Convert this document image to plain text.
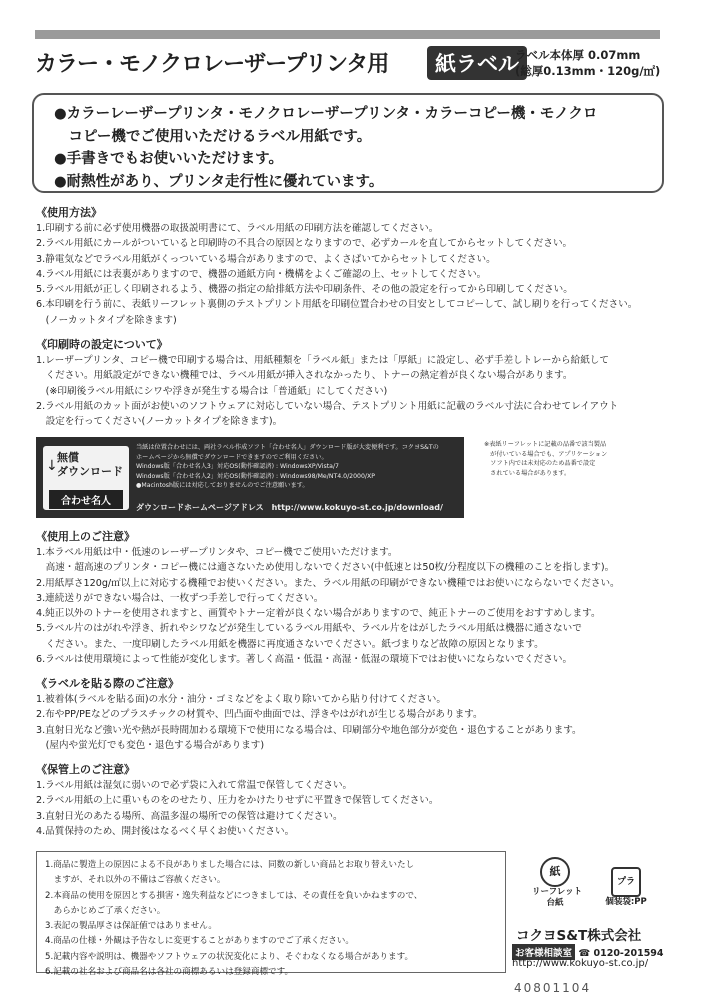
カラー・モノクロレーザープリンタ用	紙ラベル
ラベル本体厚 0.07mm
(総厚0.13mm・120g/㎡)
●カラーレーザープリンタ・モノクロレーザープリンタ・カラーコピー機・モノクロ
　コピー機でご使用いただけるラベル用紙です。
●手書きでもお使いいただけます。
●耐熱性があり、プリンタ走行性に優れています。
《使用方法》
1.印刷する前に必ず使用機器の取扱説明書にて、ラベル用紙の印刷方法を確認してください。
2.ラベル用紙にカールがついていると印刷時の不具合の原因となりますので、必ずカールを直してからセットしてください。
3.静電気などでラベル用紙がくっついている場合がありますので、よくさばいてからセットしてください。
4.ラベル用紙には表裏がありますので、機器の通紙方向・機構をよくご確認の上、セットしてください。
5.ラベル用紙が正しく印刷されるよう、機器の指定の給排紙方法や印刷条件、その他の設定を行ってから印刷してください。
6.本印刷を行う前に、表紙リーフレット裏側のテストプリント用紙を印刷位置合わせの目安としてコピーして、試し刷りを行ってください。
　(ノーカットタイプを除きます)
《印刷時の設定について》
1.レーザープリンタ、コピー機で印刷する場合は、用紙種類を「ラベル紙」または「厚紙」に設定し、必ず手差しトレーから給紙して
　ください。用紙設定ができない機種では、ラベル用紙が挿入されなかったり、トナーの熱定着が良くない場合があります。
　(※印刷後ラベル用紙にシワや浮きが発生する場合は「普通紙」にしてください)
2.ラベル用紙のカット面がお使いのソフトウェアに対応していない場合、テストプリント用紙に記載のラベル寸法に合わせてレイアウト
　設定を行ってください(ノーカットタイプを除きます)。
↓
無償
ダウンロード
合わせ名人
当紙は位置合わせには、両社ラベル作成ソフト「合わせ名人」ダウンロード版が大変便利です。コクヨS&Tの
ホームページから無償でダウンロードできますのでご利用ください。
Windows版「合わせ名人3」対応OS(動作確認済) : WindowsXP/Vista/7
Windows版「合わせ名人2」対応OS(動作確認済) : Windows98/Me/NT4.0/2000/XP
●Macintosh版には対応しておりませんのでご注意願います。
ダウンロードホームページアドレス　http://www.kokuyo-st.co.jp/download/
※表紙リーフレットに記載の品番で該当製品
　が付いている場合でも、アプリケーション
　ソフト内では未対応のため品番で設定
　されている場合があります。
《使用上のご注意》
1.本ラベル用紙は中・低速のレーザープリンタや、コピー機でご使用いただけます。
　高速・超高速のプリンタ・コピー機には適さないため使用しないでください(中低速とは50枚/分程度以下の機種のことを指します)。
2.用紙厚さ120g/㎡以上に対応する機種でお使いください。また、ラベル用紙の印刷ができない機種ではお使いにならないでください。
3.連続送りができない場合は、一枚ずつ手差しで行ってください。
4.純正以外のトナーを使用されますと、画質やトナー定着が良くない場合がありますので、純正トナーのご使用をおすすめします。
5.ラベル片のはがれや浮き、折れやシワなどが発生しているラベル用紙や、ラベル片をはがしたラベル用紙は機器に通さないで
　ください。また、一度印刷したラベル用紙を機器に再度通さないでください。紙づまりなど故障の原因となります。
6.ラベルは使用環境によって性能が変化します。著しく高温・低温・高湿・低湿の環境下ではお使いにならないでください。
《ラベルを貼る際のご注意》
1.被着体(ラベルを貼る面)の水分・油分・ゴミなどをよく取り除いてから貼り付けてください。
2.布やPP/PEなどのプラスチックの材質や、凹凸面や曲面では、浮きやはがれが生じる場合があります。
3.直射日光など強い光や熱が長時間加わる環境下で使用になる場合は、印刷部分や地色部分が変色・退色することがあります。
　(屋内や蛍光灯でも変色・退色する場合があります)
《保管上のご注意》
1.ラベル用紙は湿気に弱いので必ず袋に入れて常温で保管してください。
2.ラベル用紙の上に重いものをのせたり、圧力をかけたりせずに平置きで保管してください。
3.直射日光のあたる場所、高温多湿の場所での保管は避けてください。
4.品質保持のため、開封後はなるべく早くお使いください。
1.商品に製造上の原因による不良がありました場合には、同数の新しい商品とお取り替えいたし
　ますが、それ以外の不備はご容赦ください。
2.本商品の使用を原因とする損害・逸失利益などにつきましては、その責任を負いかねますので、
　あらかじめご了承ください。
3.表記の製品厚さは保証値ではありません。
4.商品の仕様・外観は予告なしに変更することがありますのでご了承ください。
5.記載内容や説明は、機器やソフトウェアの状況変化により、そぐわなくなる場合があります。
6.記載の社名および商品名は各社の商標あるいは登録商標です。
紙
リーフレット
台紙
プラ
個装袋:PP
コクヨS&T株式会社
お客様相談室 ☎ 0120-201594
http://www.kokuyo-st.co.jp/
40801104
